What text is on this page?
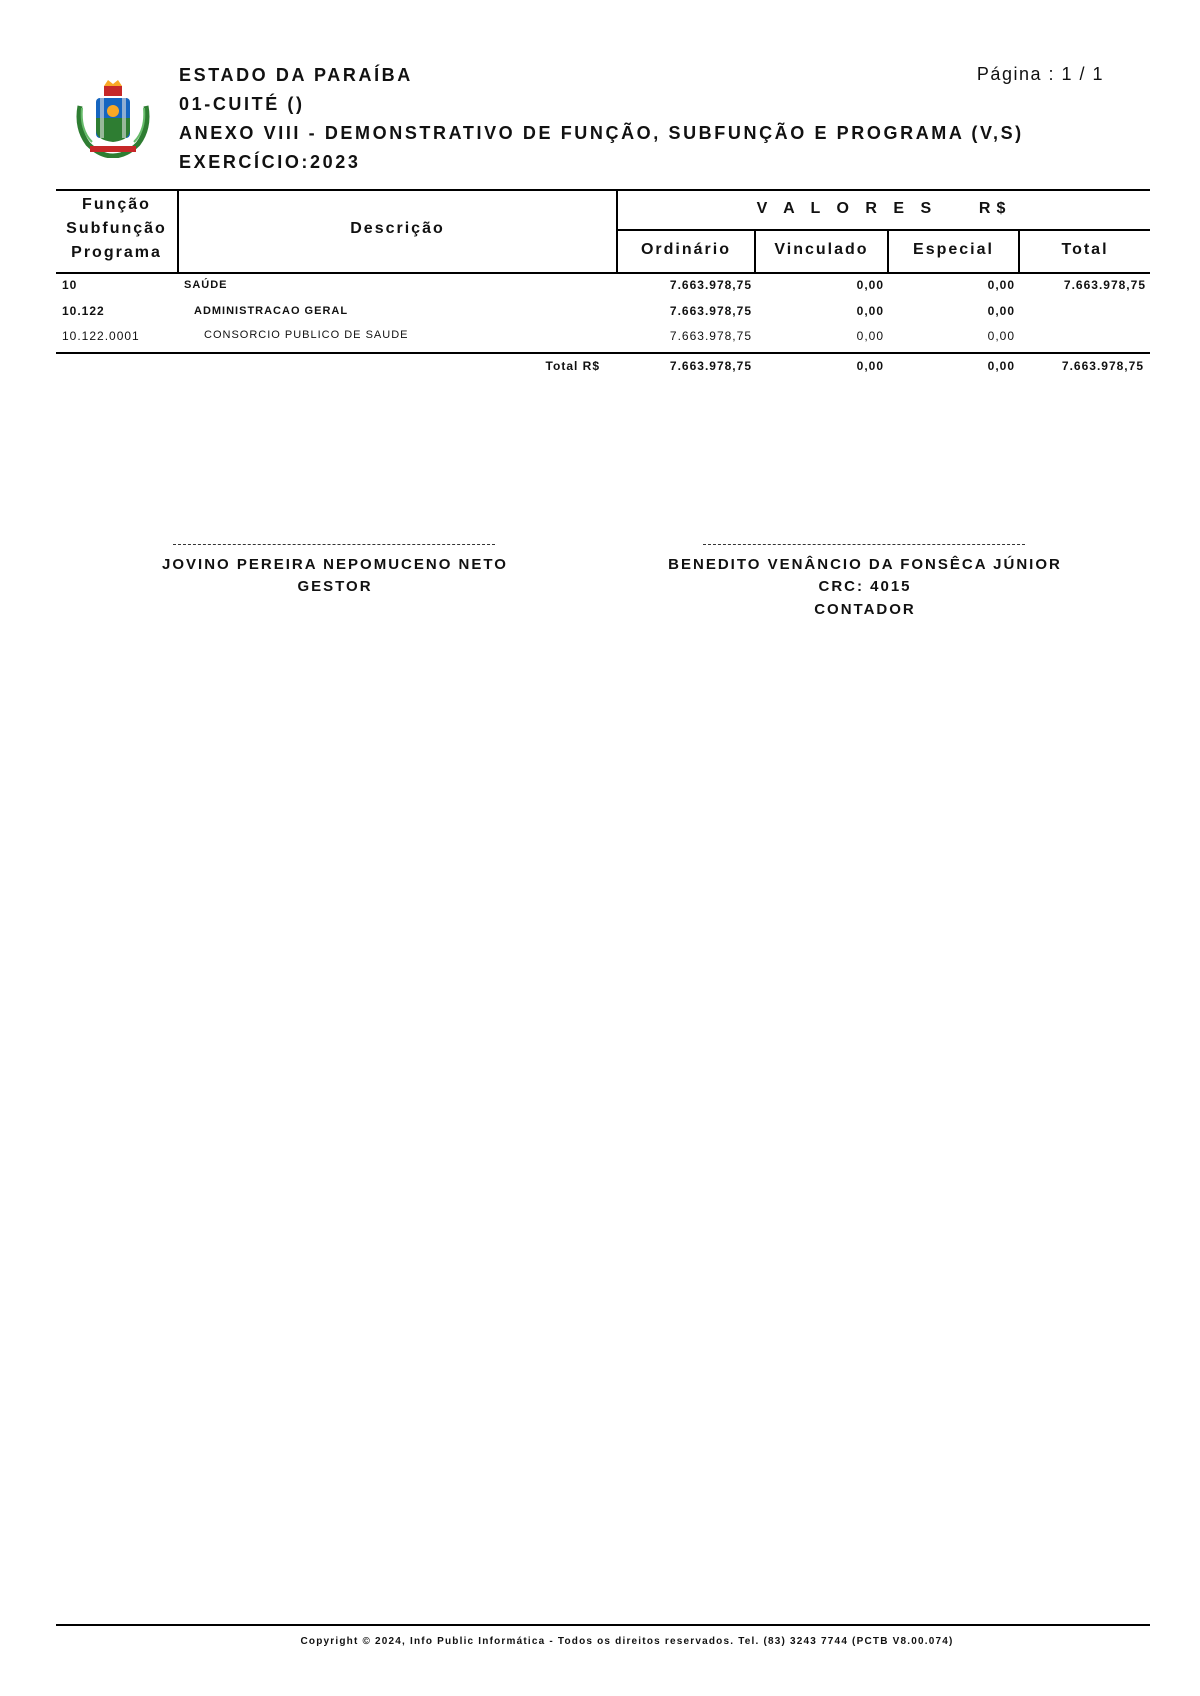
ESTADO DA PARAÍBA
01-CUITÉ ()
ANEXO VIII - DEMONSTRATIVO DE FUNÇÃO, SUBFUNÇÃO E PROGRAMA (V,S)
EXERCÍCIO:2023
Página : 1 / 1
Função
Subfunção
Programa
Descrição
V A L O R E S    R$
Ordinário	Vinculado	Especial	Total
10	SAÚDE	7.663.978,75	0,00	0,00	7.663.978,75
10.122	ADMINISTRACAO GERAL	7.663.978,75	0,00	0,00
10.122.0001	CONSORCIO PUBLICO DE SAUDE	7.663.978,75	0,00	0,00
Total R$	7.663.978,75	0,00	0,00	7.663.978,75
JOVINO PEREIRA NEPOMUCENO NETO
GESTOR
BENEDITO VENÂNCIO DA FONSÊCA JÚNIOR
CRC: 4015
CONTADOR
Copyright © 2024, Info Public Informática - Todos os direitos reservados. Tel. (83) 3243 7744 (PCTB V8.00.074)
